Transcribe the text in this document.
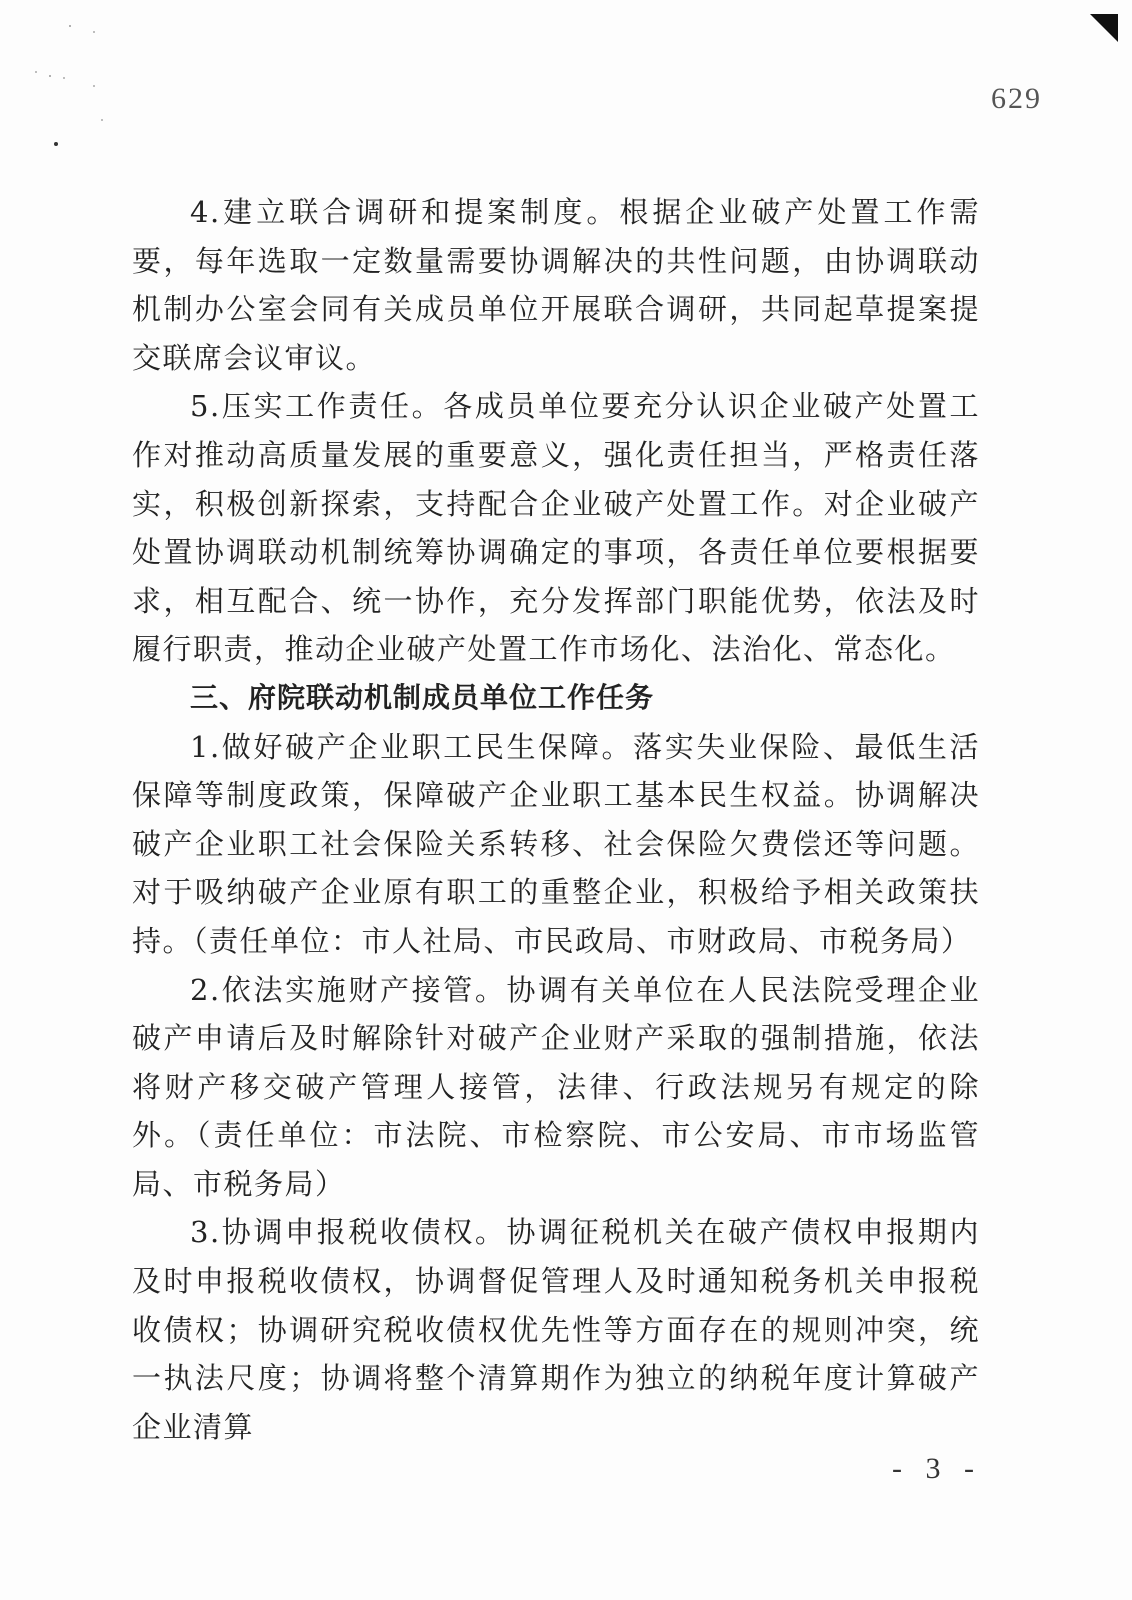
629

4.建立联合调研和提案制度。根据企业破产处置工作需要，每年选取一定数量需要协调解决的共性问题，由协调联动机制办公室会同有关成员单位开展联合调研，共同起草提案提交联席会议审议。

5.压实工作责任。各成员单位要充分认识企业破产处置工作对推动高质量发展的重要意义，强化责任担当，严格责任落实，积极创新探索，支持配合企业破产处置工作。对企业破产处置协调联动机制统筹协调确定的事项，各责任单位要根据要求，相互配合、统一协作，充分发挥部门职能优势，依法及时履行职责，推动企业破产处置工作市场化、法治化、常态化。

三、府院联动机制成员单位工作任务

1.做好破产企业职工民生保障。落实失业保险、最低生活保障等制度政策，保障破产企业职工基本民生权益。协调解决破产企业职工社会保险关系转移、社会保险欠费偿还等问题。对于吸纳破产企业原有职工的重整企业，积极给予相关政策扶持。（责任单位：市人社局、市民政局、市财政局、市税务局）

2.依法实施财产接管。协调有关单位在人民法院受理企业破产申请后及时解除针对破产企业财产采取的强制措施，依法将财产移交破产管理人接管，法律、行政法规另有规定的除外。（责任单位：市法院、市检察院、市公安局、市市场监管局、市税务局）

3.协调申报税收债权。协调征税机关在破产债权申报期内及时申报税收债权，协调督促管理人及时通知税务机关申报税收债权；协调研究税收债权优先性等方面存在的规则冲突，统一执法尺度；协调将整个清算期作为独立的纳税年度计算破产企业清算

- 3 -
